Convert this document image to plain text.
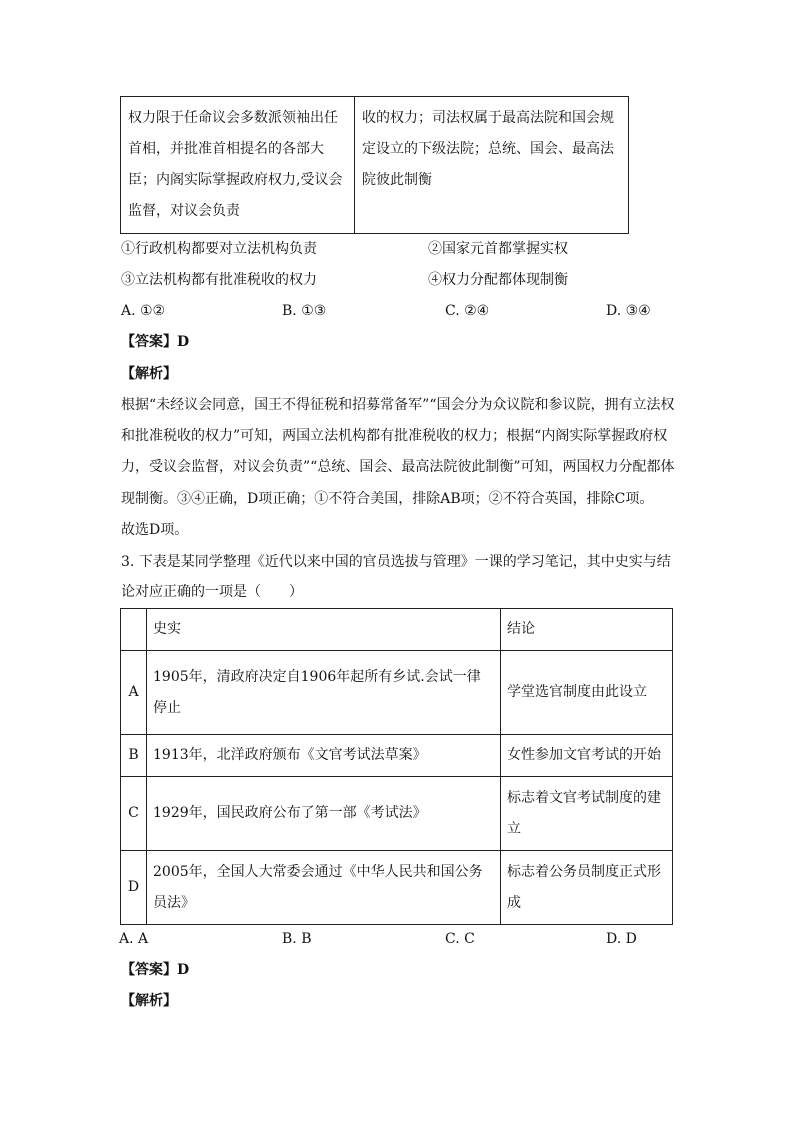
权力限于任命议会多数派领袖出任首相，并批准首相提名的各部大臣；内阁实际掌握政府权力,受议会监督，对议会负责	收的权力；司法权属于最高法院和国会规定设立的下级法院；总统、国会、最高法院彼此制衡
①行政机构都要对立法机构负责	②国家元首都掌握实权
③立法机构都有批准税收的权力	④权力分配都体现制衡
A. ①②	B. ①③	C. ②④	D. ③④
【答案】D
【解析】
根据“未经议会同意，国王不得征税和招募常备军”“国会分为众议院和参议院，拥有立法权
和批准税收的权力”可知，两国立法机构都有批准税收的权力；根据“内阁实际掌握政府权
力，受议会监督，对议会负责”“总统、国会、最高法院彼此制衡”可知，两国权力分配都体
现制衡。③④正确，D项正确；①不符合美国，排除AB项；②不符合英国，排除C项。
故选D项。
3. 下表是某同学整理《近代以来中国的官员选拔与管理》一课的学习笔记，其中史实与结
论对应正确的一项是（　　）
	史实	结论
A	1905年，清政府决定自1906年起所有乡试.会试一律停止	学堂选官制度由此设立
B	1913年，北洋政府颁布《文官考试法草案》	女性参加文官考试的开始
C	1929年，国民政府公布了第一部《考试法》	标志着文官考试制度的建立
D	2005年，全国人大常委会通过《中华人民共和国公务员法》	标志着公务员制度正式形成
A. A	B. B	C. C	D. D
【答案】D
【解析】
